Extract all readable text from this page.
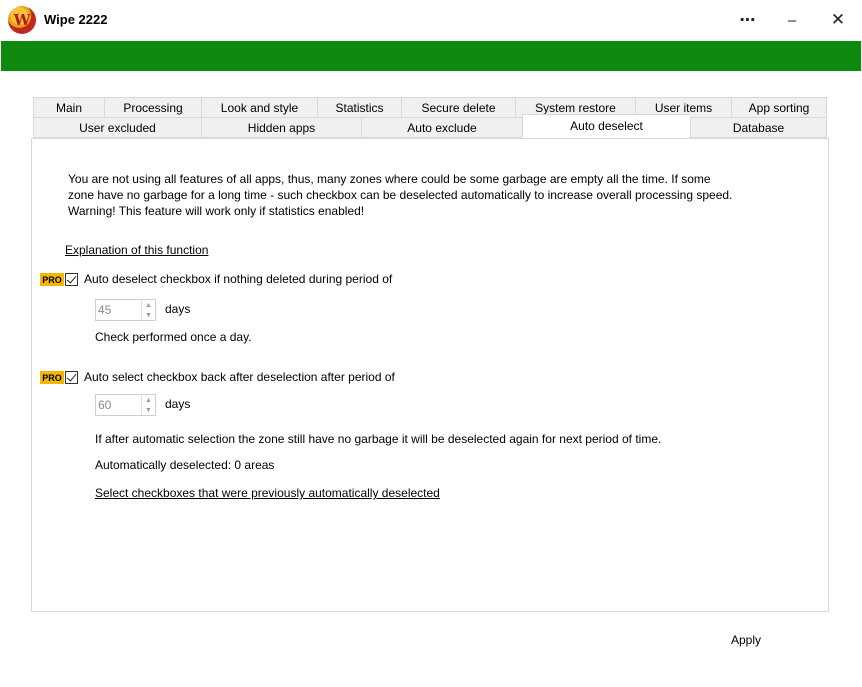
W Wipe 2222	⋯	–	✕
Main	Processing	Look and style	Statistics	Secure delete	System restore	User items	App sorting
User excluded	Hidden apps	Auto exclude	Auto deselect	Database
You are not using all features of all apps, thus, many zones where could be some garbage are empty all the time. If some
zone have no garbage for a long time - such checkbox can be deselected automatically to increase overall processing speed.
Warning! This feature will work only if statistics enabled!
Explanation of this function
PRO Auto deselect checkbox if nothing deleted during period of
45	▲
▼ days
Check performed once a day.
PRO Auto select checkbox back after deselection after period of
60	▲
▼ days
If after automatic selection the zone still have no garbage it will be deselected again for next period of time.
Automatically deselected: 0 areas
Select checkboxes that were previously automatically deselected
Apply
